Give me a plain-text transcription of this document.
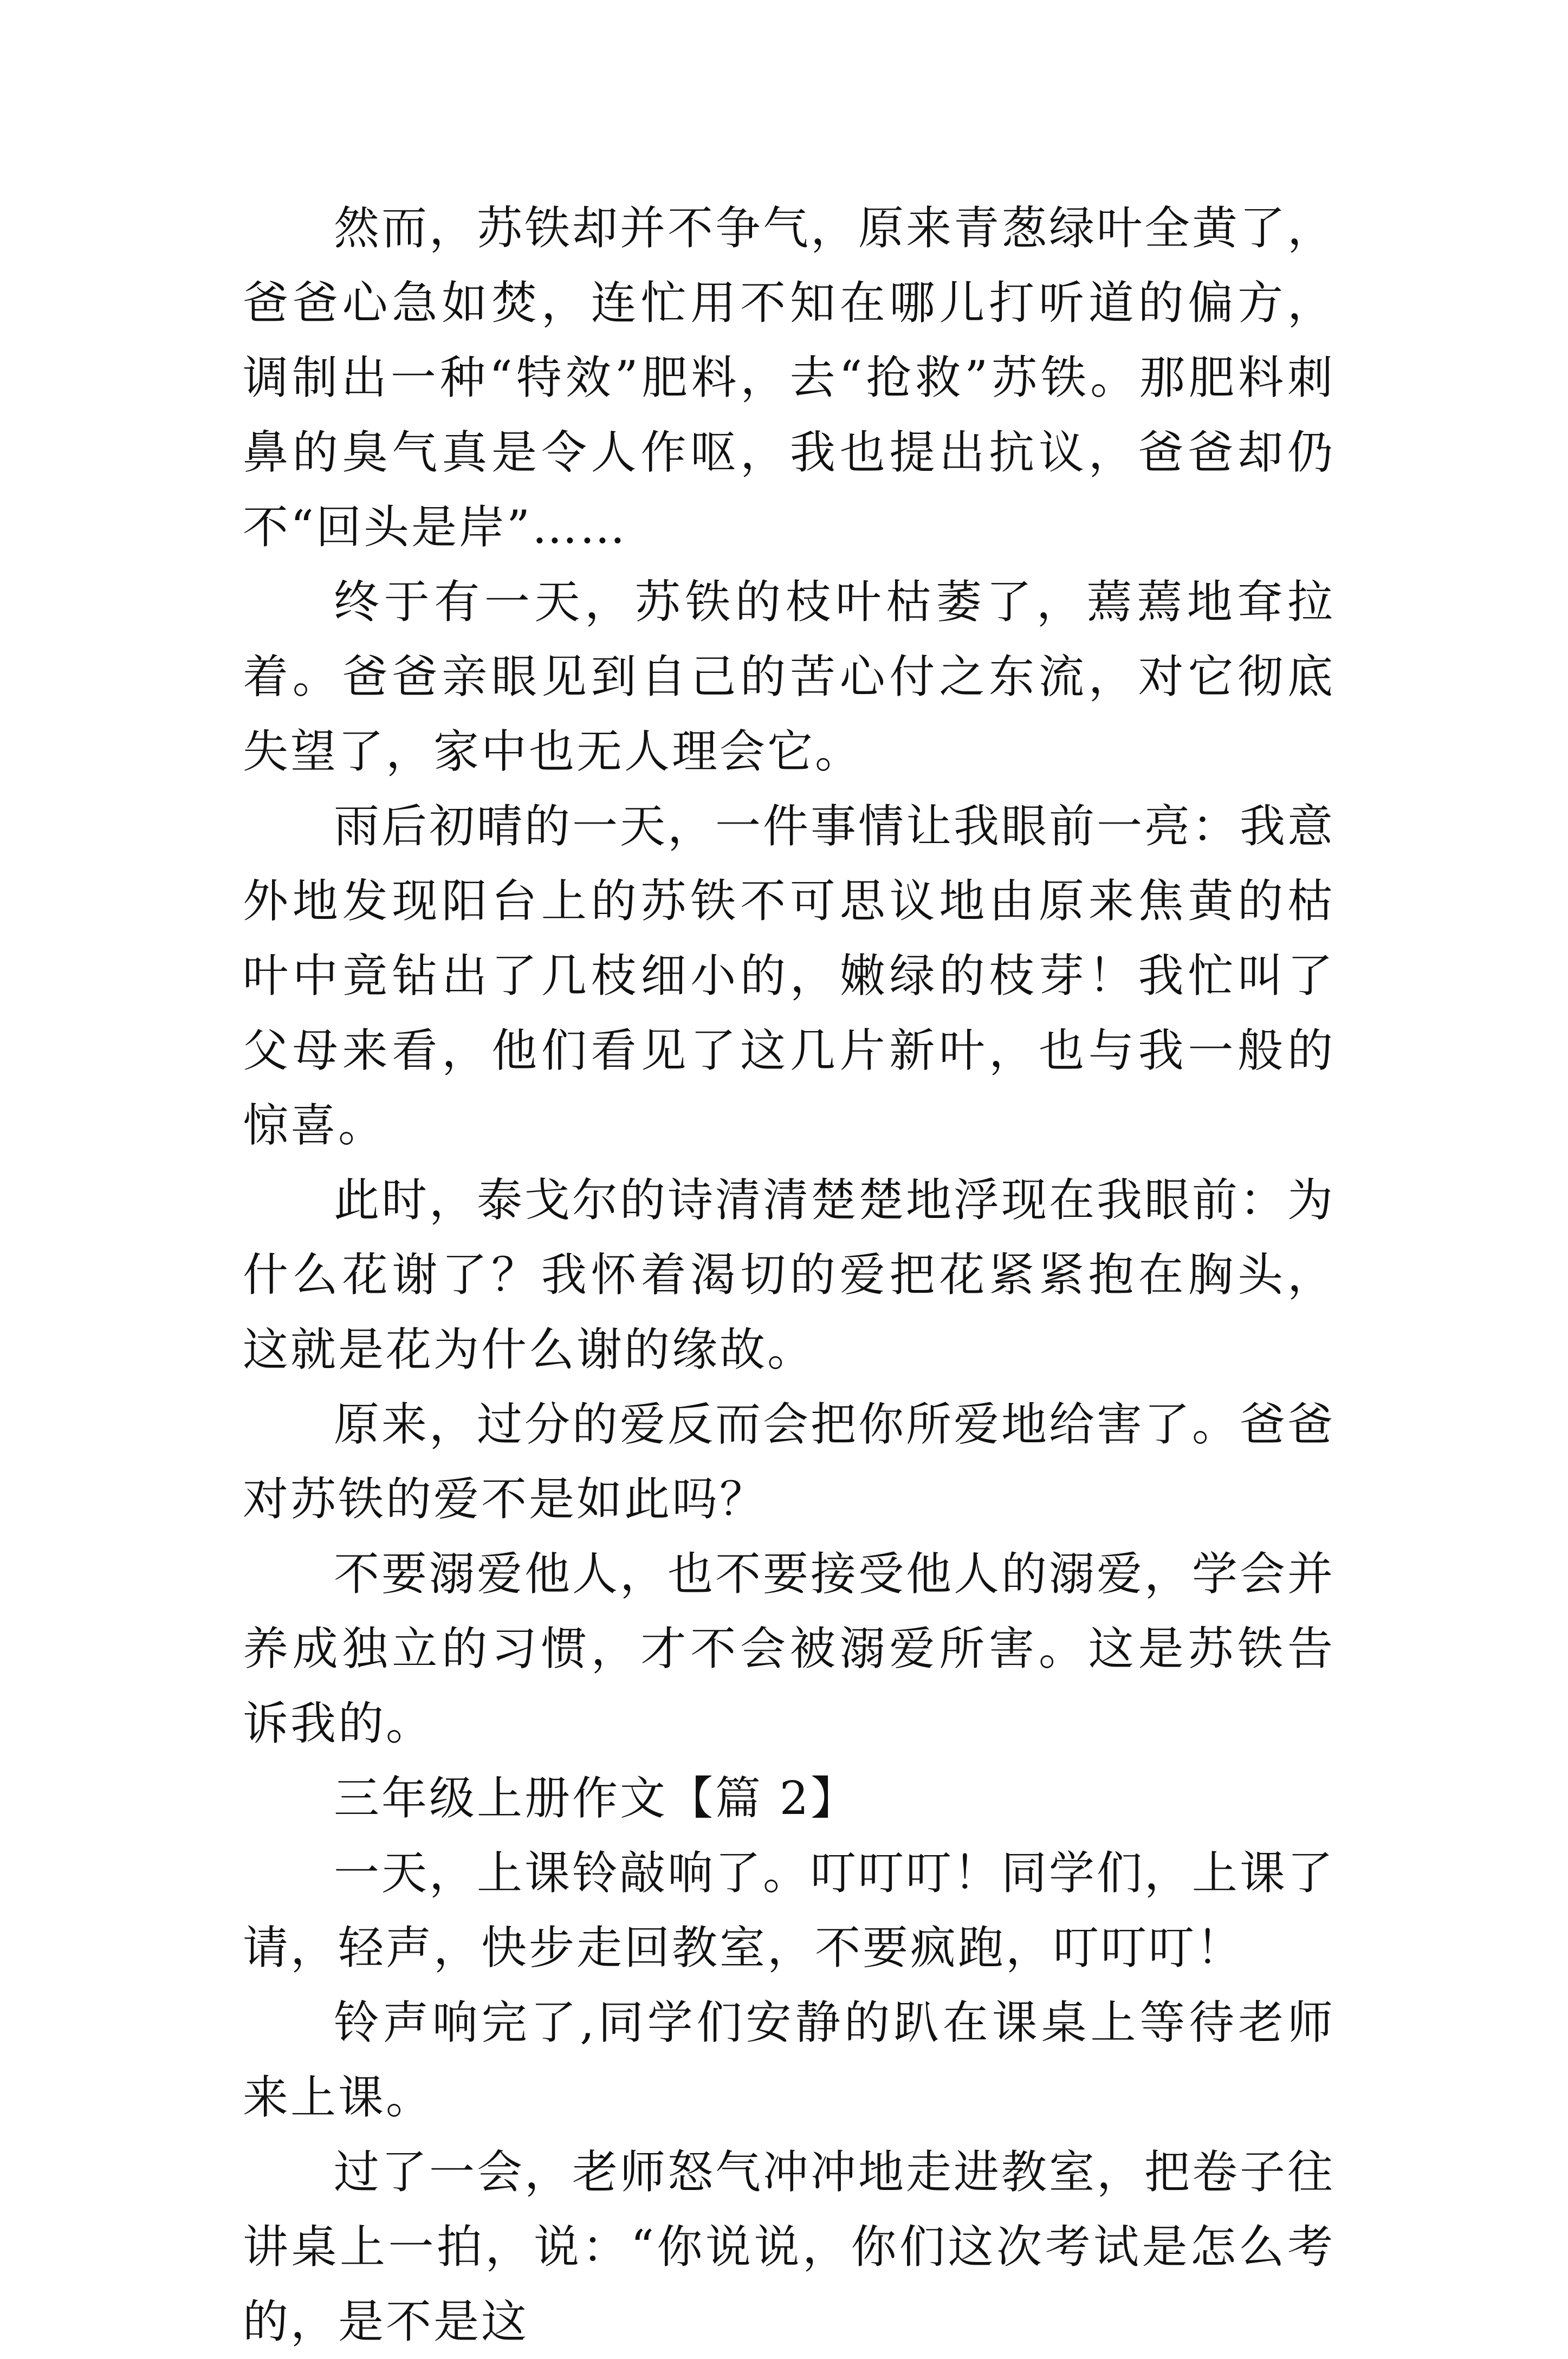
然而，苏铁却并不争气，原来青葱绿叶全黄了，爸爸心急如焚，连忙用不知在哪儿打听道的偏方，调制出一种“特效”肥料，去“抢救”苏铁。那肥料刺鼻的臭气真是令人作呕，我也提出抗议，爸爸却仍不“回头是岸”……

终于有一天，苏铁的枝叶枯萎了，蔫蔫地耷拉着。爸爸亲眼见到自己的苦心付之东流，对它彻底失望了，家中也无人理会它。

雨后初晴的一天，一件事情让我眼前一亮：我意外地发现阳台上的苏铁不可思议地由原来焦黄的枯叶中竟钻出了几枝细小的，嫩绿的枝芽！我忙叫了父母来看，他们看见了这几片新叶，也与我一般的惊喜。

此时，泰戈尔的诗清清楚楚地浮现在我眼前：为什么花谢了？我怀着渴切的爱把花紧紧抱在胸头，这就是花为什么谢的缘故。

原来，过分的爱反而会把你所爱地给害了。爸爸对苏铁的爱不是如此吗？

不要溺爱他人，也不要接受他人的溺爱，学会并养成独立的习惯，才不会被溺爱所害。这是苏铁告诉我的。

三年级上册作文【篇 2】

一天，上课铃敲响了。叮叮叮！同学们，上课了请，轻声，快步走回教室，不要疯跑，叮叮叮！

铃声响完了,同学们安静的趴在课桌上等待老师来上课。

过了一会，老师怒气冲冲地走进教室，把卷子往讲桌上一拍，说：“你说说，你们这次考试是怎么考的，是不是这
